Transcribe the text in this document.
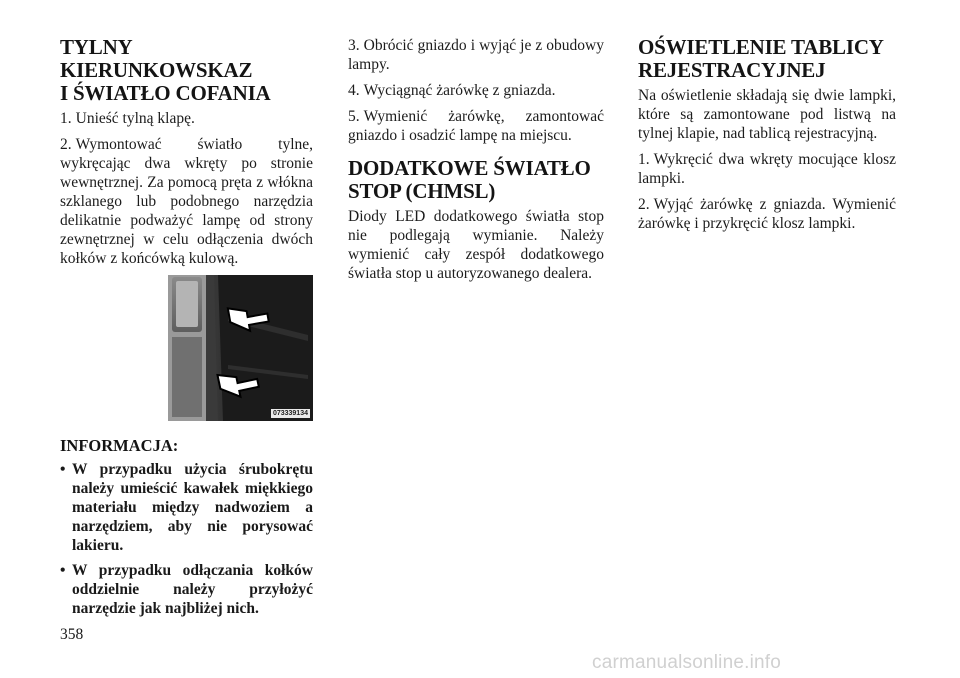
TYLNY KIERUNKOWSKAZ
I ŚWIATŁO COFANIA

1. Unieść tylną klapę.

2. Wymontować światło tylne, wykręcając dwa wkręty po stronie wewnętrznej. Za pomocą pręta z włókna szklanego lub podobnego narzędzia delikatnie podważyć lampę od strony zewnętrznej w celu odłączenia dwóch kołków z końcówką kulową.

073339134
INFORMACJA:
• W przypadku użycia śrubokrętu należy umieścić kawałek miękkiego materiału między nadwoziem a narzędziem, aby nie porysować lakieru.
• W przypadku odłączania kołków oddzielnie należy przyłożyć narzędzie jak najbliżej nich.

3. Obrócić gniazdo i wyjąć je z obudowy lampy.

4. Wyciągnąć żarówkę z gniazda.

5. Wymienić żarówkę, zamontować gniazdo i osadzić lampę na miejscu.

DODATKOWE ŚWIATŁO
STOP (CHMSL)

Diody LED dodatkowego światła stop nie podlegają wymianie. Należy wymienić cały zespół dodatkowego światła stop u autoryzowanego dealera.

OŚWIETLENIE TABLICY
REJESTRACYJNEJ

Na oświetlenie składają się dwie lampki, które są zamontowane pod listwą na tylnej klapie, nad tablicą rejestracyjną.

1. Wykręcić dwa wkręty mocujące klosz lampki.

2. Wyjąć żarówkę z gniazda. Wymienić żarówkę i przykręcić klosz lampki.

358
carmanualsonline.info
